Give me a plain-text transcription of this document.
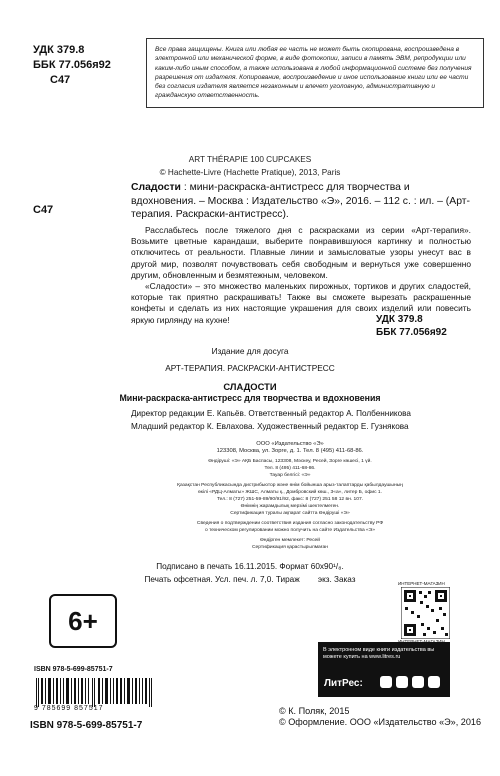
УДК 379.8
ББК 77.056я92
С47
Все права защищены. Книга или любая ее часть не может быть скопирована, воспроизведена в электронной или механической форме, в виде фотокопии, записи в память ЭВМ, репродукции или каким-либо иным способом, а также использована в любой информационной системе без получения разрешения от издателя. Копирование, воспроизведение и иное использование книги или ее части без согласия издателя является незаконным и влечет уголовную, административную и гражданскую ответственность.
ART THÉRAPIE 100 CUPCAKES
© Hachette-Livre (Hachette Pratique), 2013, Paris
С47
Сладости : мини-раскраска-антистресс для творчества и вдохновения. – Москва : Издательство «Э», 2016. – 112 с. : ил. – (Арт-терапия. Раскраски-антистресс).

Расслабьтесь после тяжелого дня с раскрасками из серии «Арт-терапия». Возьмите цветные карандаши, выберите понравившуюся картинку и полностью отключитесь от реальности. Плавные линии и замысловатые узоры унесут вас в другой мир, позволят почувствовать себя свободным и вернуться уже совершенно другим, обновленным и безмятежным, человеком.

«Сладости» – это множество маленьких пирожных, тортиков и других сладостей, которые так приятно раскрашивать! Также вы сможете вырезать раскрашенные конфеты и сделать из них настоящие украшения для своих изделий или повесить яркую гирлянду на кухне!	УДК 379.8
ББК 77.056я92
Издание для досуга
АРТ-ТЕРАПИЯ. РАСКРАСКИ-АНТИСТРЕСС
СЛАДОСТИ
Мини-раскраска-антистресс для творчества и вдохновения
Директор редакции Е. Капьёв. Ответственный редактор А. Полбенникова
Младший редактор К. Евлахова. Художественный редактор Е. Гузнякова
ООО «Издательство «Э»
123308, Москва, ул. Зорге, д. 1. Тел. 8 (495) 411-68-86.
Өндіруші: «Э» АҚБ Баспасы, 123308, Мәскеу, Ресей, Зорге көшесі, 1 үй.
Тел. 8 (495) 411-68-86.
Тауар белгісі: «Э»
Қазақстан Республикасында дистрибьютор және өнім бойынша арыз-талаптарды қабылдаушының
өкілі «РДЦ-Алматы» ЖШС, Алматы қ., Домбровский көш., 3«а», литер Б, офис 1.
Тел.: 8 (727) 251-59-89/90/91/92, факс: 8 (727) 251 58 12 вн. 107.
Өнімнің жарамдылық мерзімі шектелмеген.
Сертификация туралы ақпарат сайтта Өндіруші «Э»
Сведения о подтверждении соответствия издания согласно законодательству РФ
о техническом регулировании можно получить на сайте Издательства «Э»
Өндірген мемлекет: Ресей
Сертификация қарастырылмаған
Подписано в печать 16.11.2015. Формат 60x90¹/₈.
Печать офсетная. Усл. печ. л. 7,0. Тираж        экз. Заказ
6+
ISBN 978-5-699-85751-7
9 785699 857517
ISBN 978-5-699-85751-7
© К. Поляк, 2015
© Оформление. ООО «Издательство «Э», 2016
ИНТЕРНЕТ-МАГАЗИН
В электронном виде книги издательства вы можете купить на www.litres.ru
ЛитРес:
